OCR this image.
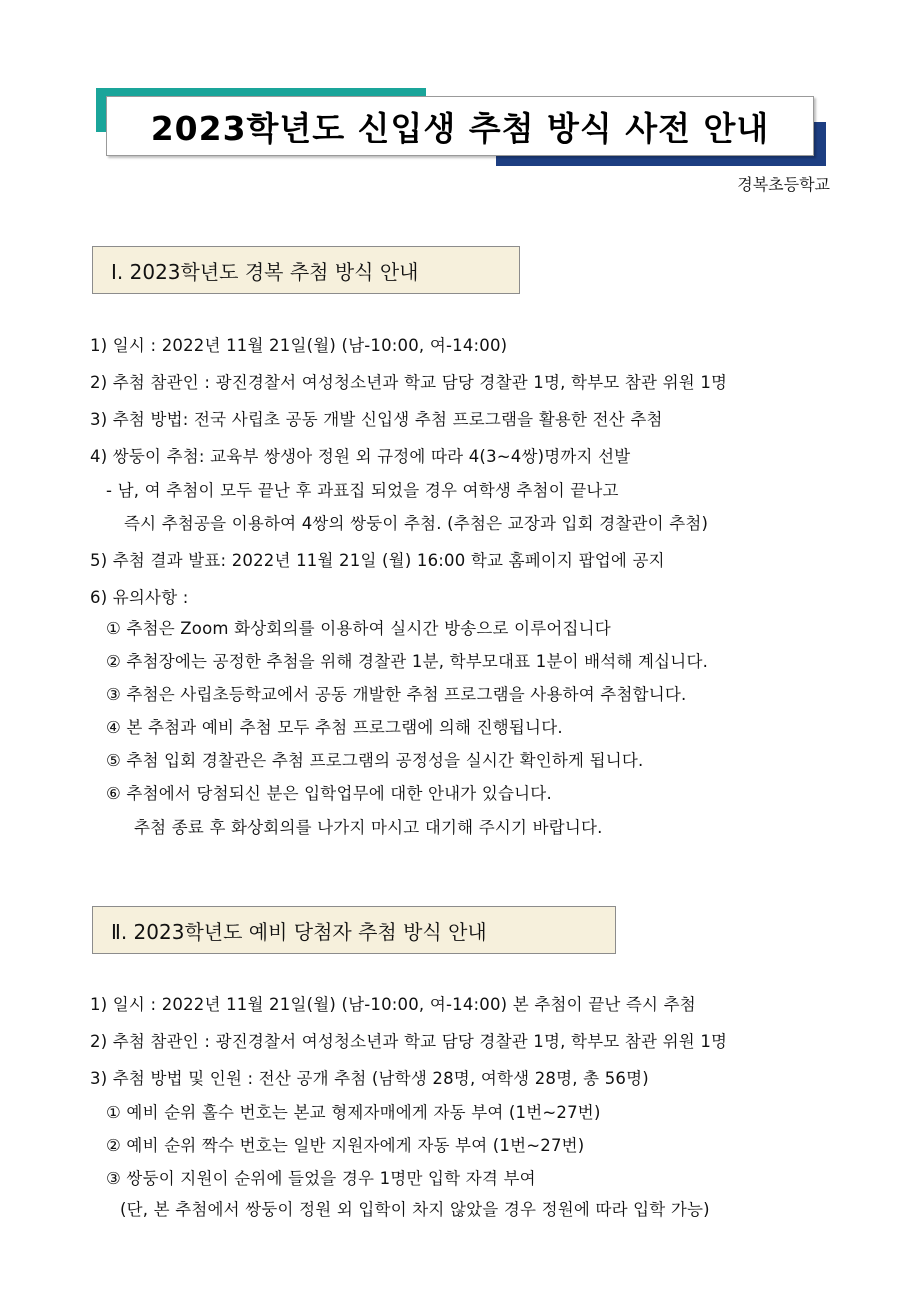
2023학년도 신입생 추첨 방식 사전 안내
경복초등학교
Ⅰ. 2023학년도 경복 추첨 방식 안내
1) 일시 : 2022년 11월 21일(월) (남-10:00, 여-14:00)
2) 추첨 참관인 : 광진경찰서 여성청소년과 학교 담당 경찰관 1명, 학부모 참관 위원 1명
3) 추첨 방법: 전국 사립초 공동 개발 신입생 추첨 프로그램을 활용한 전산 추첨
4) 쌍둥이 추첨: 교육부 쌍생아 정원 외 규정에 따라 4(3~4쌍)명까지 선발
- 남, 여 추첨이 모두 끝난 후 과표집 되었을 경우 여학생 추첨이 끝나고
즉시 추첨공을 이용하여 4쌍의 쌍둥이 추첨. (추첨은 교장과 입회 경찰관이 추첨)
5) 추첨 결과 발표: 2022년 11월 21일 (월) 16:00 학교 홈페이지 팝업에 공지
6) 유의사항 :
① 추첨은 Zoom 화상회의를 이용하여 실시간 방송으로 이루어집니다
② 추첨장에는 공정한 추첨을 위해 경찰관 1분, 학부모대표 1분이 배석해 계십니다.
③ 추첨은 사립초등학교에서 공동 개발한 추첨 프로그램을 사용하여 추첨합니다.
④ 본 추첨과 예비 추첨 모두 추첨 프로그램에 의해 진행됩니다.
⑤ 추첨 입회 경찰관은 추첨 프로그램의 공정성을 실시간 확인하게 됩니다.
⑥ 추첨에서 당첨되신 분은 입학업무에 대한 안내가 있습니다.
추첨 종료 후 화상회의를 나가지 마시고 대기해 주시기 바랍니다.
Ⅱ. 2023학년도 예비 당첨자 추첨 방식 안내
1) 일시 : 2022년 11월 21일(월) (남-10:00, 여-14:00) 본 추첨이 끝난 즉시 추첨
2) 추첨 참관인 : 광진경찰서 여성청소년과 학교 담당 경찰관 1명, 학부모 참관 위원 1명
3) 추첨 방법 및 인원 : 전산 공개 추첨 (남학생 28명, 여학생 28명, 총 56명)
① 예비 순위 홀수 번호는 본교 형제자매에게 자동 부여 (1번~27번)
② 예비 순위 짝수 번호는 일반 지원자에게 자동 부여 (1번~27번)
③ 쌍둥이 지원이 순위에 들었을 경우 1명만 입학 자격 부여
(단, 본 추첨에서 쌍둥이 정원 외 입학이 차지 않았을 경우 정원에 따라 입학 가능)
